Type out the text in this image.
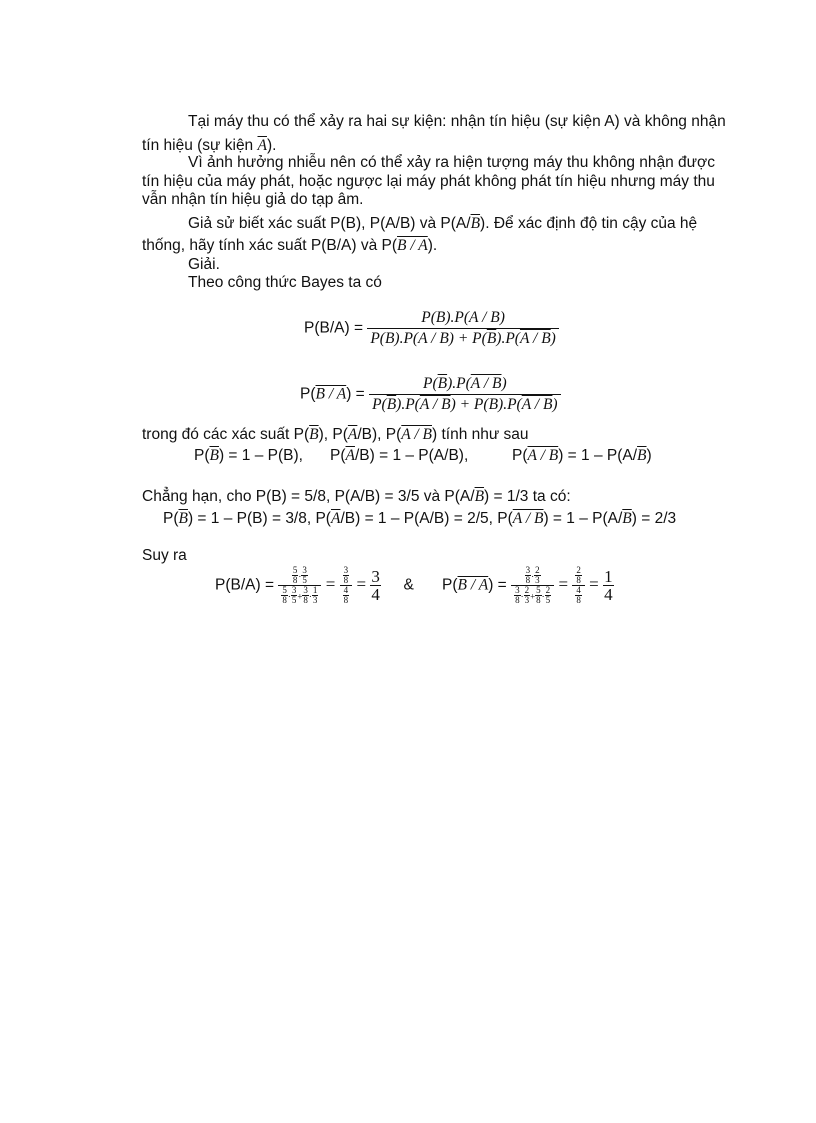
Tại máy thu có thể xảy ra hai sự kiện: nhận tín hiệu (sự kiện A) và không nhận
tín hiệu (sự kiện $\overline{A}$).
Vì ảnh hưởng nhiễu nên có thể xảy ra hiện tượng máy thu không nhận được
tín hiệu của máy phát, hoặc ngược lại máy phát không phát tín hiệu nhưng máy thu
vẫn nhận tín hiệu giả do tạp âm.
Giả sử biết xác suất P(B), P(A/B) và $P(A/\overline{B})$. Để xác định độ tin cậy của hệ
thống, hãy tính xác suất P(B/A) và P(B / A).
Giải.
Theo công thức Bayes ta có
$P(B/A) = \frac{P(B).P(A / B)}{P(B).P(A / B) + P(\overline{B}).P(A / B)}$
$P(B / A) = \frac{P(\overline{B}).P(A / B)}{P(\overline{B}).P(A / B) + P(B).P(A / B)}$
trong đó các xác suất $P(\overline{B})$, $P(\overline{A}/B)$, P(A / B) tính như sau
$P(\overline{B}) = 1 - P(B)$, $P(\overline{A}/B) = 1 - P(A/B)$,	$P(A / B) = 1 - P(A/\overline{B})$
Chẳng hạn, cho P(B) = 5/8, P(A/B) = 3/5 và $P(A/\overline{B}) = 1/3$ ta có:
$P(\overline{B}) = 1 - P(B) = 3/8$, $P(\overline{A}/B) = 1 - P(A/B) = 2/5$, $P(A / B) = 1 - P(A/\overline{B}) = 2/3$
Suy ra
$P(B/A) = \frac{\frac{5}{8} \cdot \frac{3}{5}}{\frac{5}{8} \cdot \frac{3}{5} + \frac{3}{8} \cdot \frac{1}{3}} = \frac{\frac{3}{8}}{\frac{4}{8}} = \frac{3}{4}$ & $P(B / A) = \frac{\frac{3}{8} \cdot \frac{2}{3}}{\frac{3}{8} \cdot \frac{2}{3} + \frac{5}{8} \cdot \frac{2}{5}} = \frac{\frac{2}{8}}{\frac{4}{8}} = \frac{1}{4}$
